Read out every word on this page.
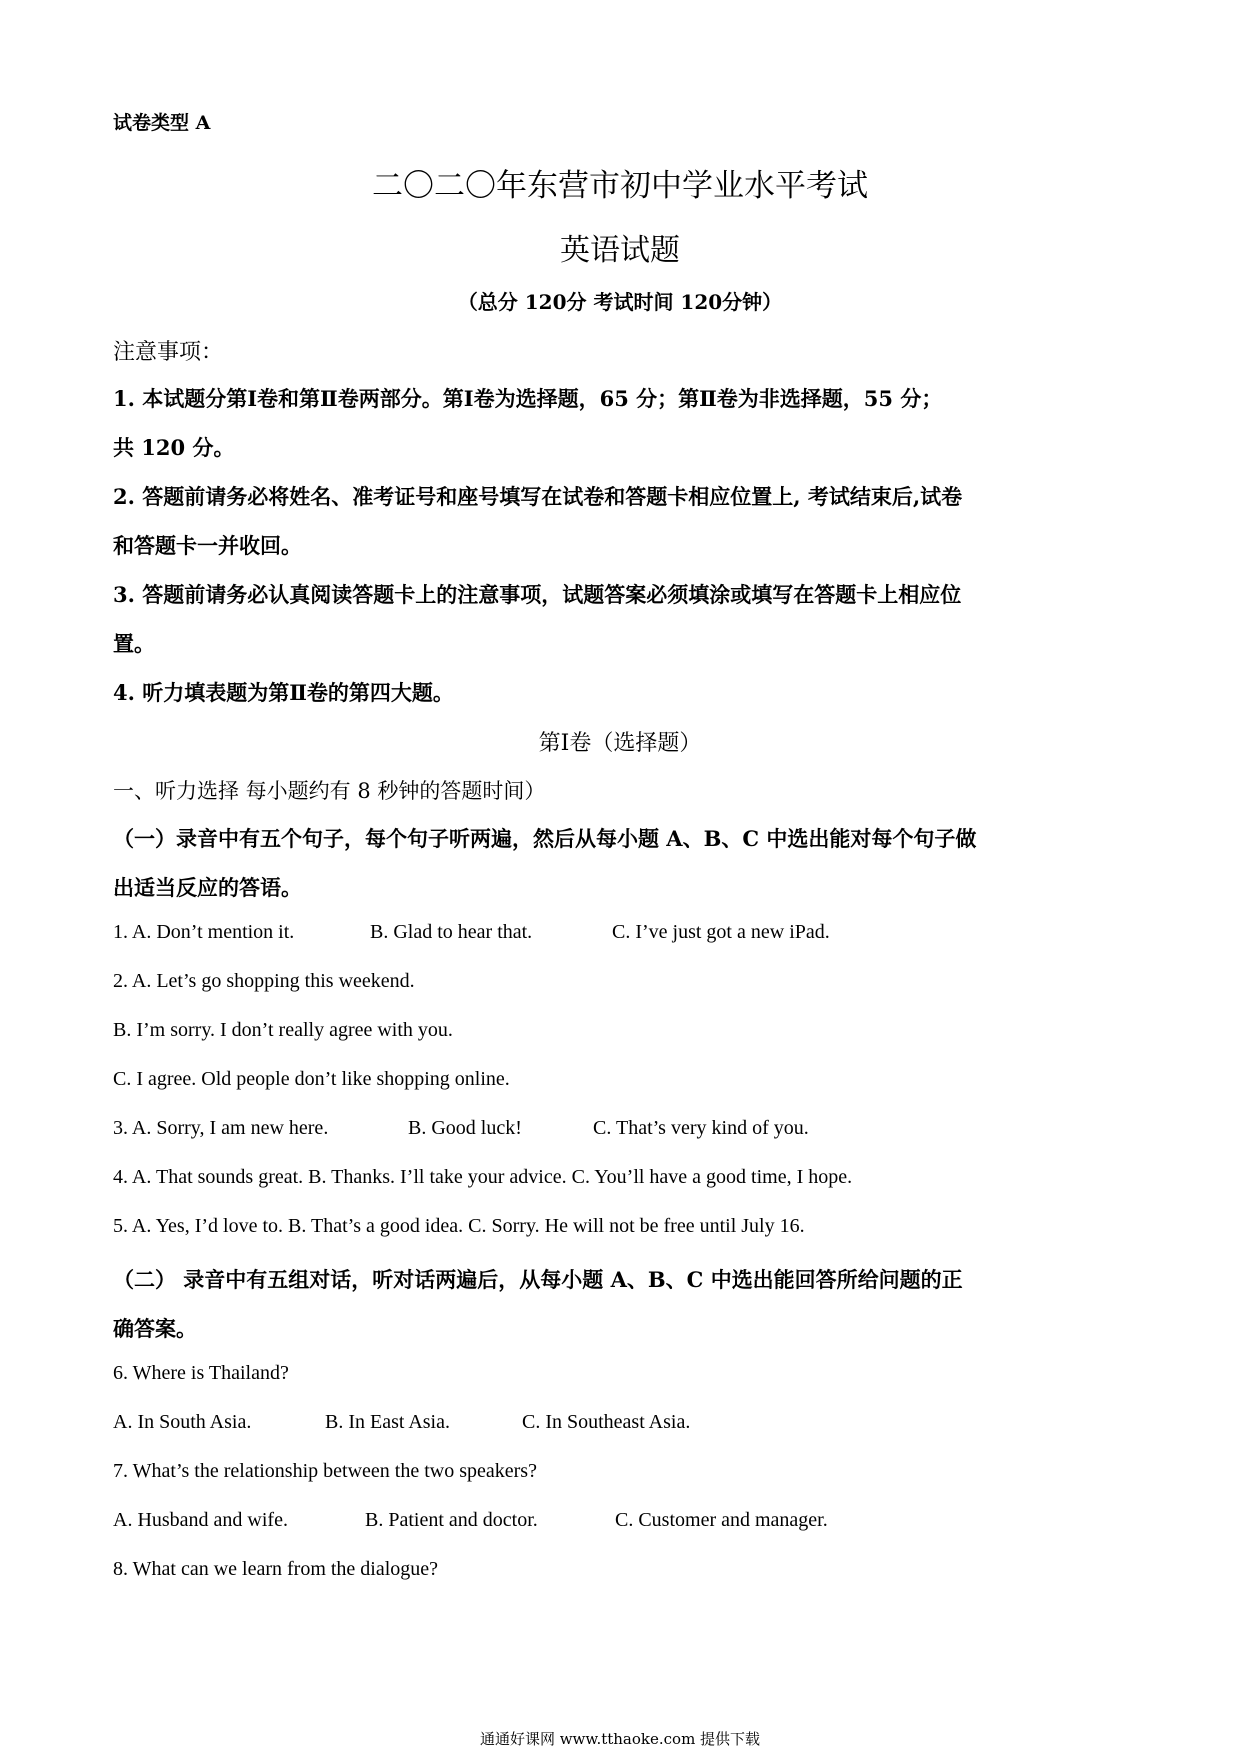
试卷类型 A
二〇二〇年东营市初中学业水平考试
英语试题
（总分 120分 考试时间 120分钟）
注意事项：
1. 本试题分第Ⅰ卷和第Ⅱ卷两部分。第Ⅰ卷为选择题，65 分；第Ⅱ卷为非选择题，55 分；
共 120 分。
2. 答题前请务必将姓名、准考证号和座号填写在试卷和答题卡相应位置上, 考试结束后,试卷
和答题卡一并收回。
3. 答题前请务必认真阅读答题卡上的注意事项，试题答案必须填涂或填写在答题卡上相应位
置。
4. 听力填表题为第Ⅱ卷的第四大题。
第Ⅰ卷（选择题）
一、听力选择 每小题约有 8 秒钟的答题时间）
（一）录音中有五个句子，每个句子听两遍，然后从每小题 A、B、C 中选出能对每个句子做
出适当反应的答语。
1. A. Don’t mention it.	B. Glad to hear that.	C. I’ve just got a new iPad.
2. A. Let’s go shopping this weekend.
B. I’m sorry. I don’t really agree with you.
C. I agree. Old people don’t like shopping online.
3. A. Sorry, I am new here.	B. Good luck!	C. That’s very kind of you.
4. A. That sounds great. B. Thanks. I’ll take your advice. C. You’ll have a good time, I hope.
5. A. Yes, I’d love to. B. That’s a good idea. C. Sorry. He will not be free until July 16.
（二） 录音中有五组对话，听对话两遍后，从每小题 A、B、C 中选出能回答所给问题的正
确答案。
6. Where is Thailand?
A. In South Asia.	B. In East Asia.	C. In Southeast Asia.
7. What’s the relationship between the two speakers?
A. Husband and wife.	B. Patient and doctor.	C. Customer and manager.
8. What can we learn from the dialogue?
通通好课网 www.tthaoke.com 提供下载
